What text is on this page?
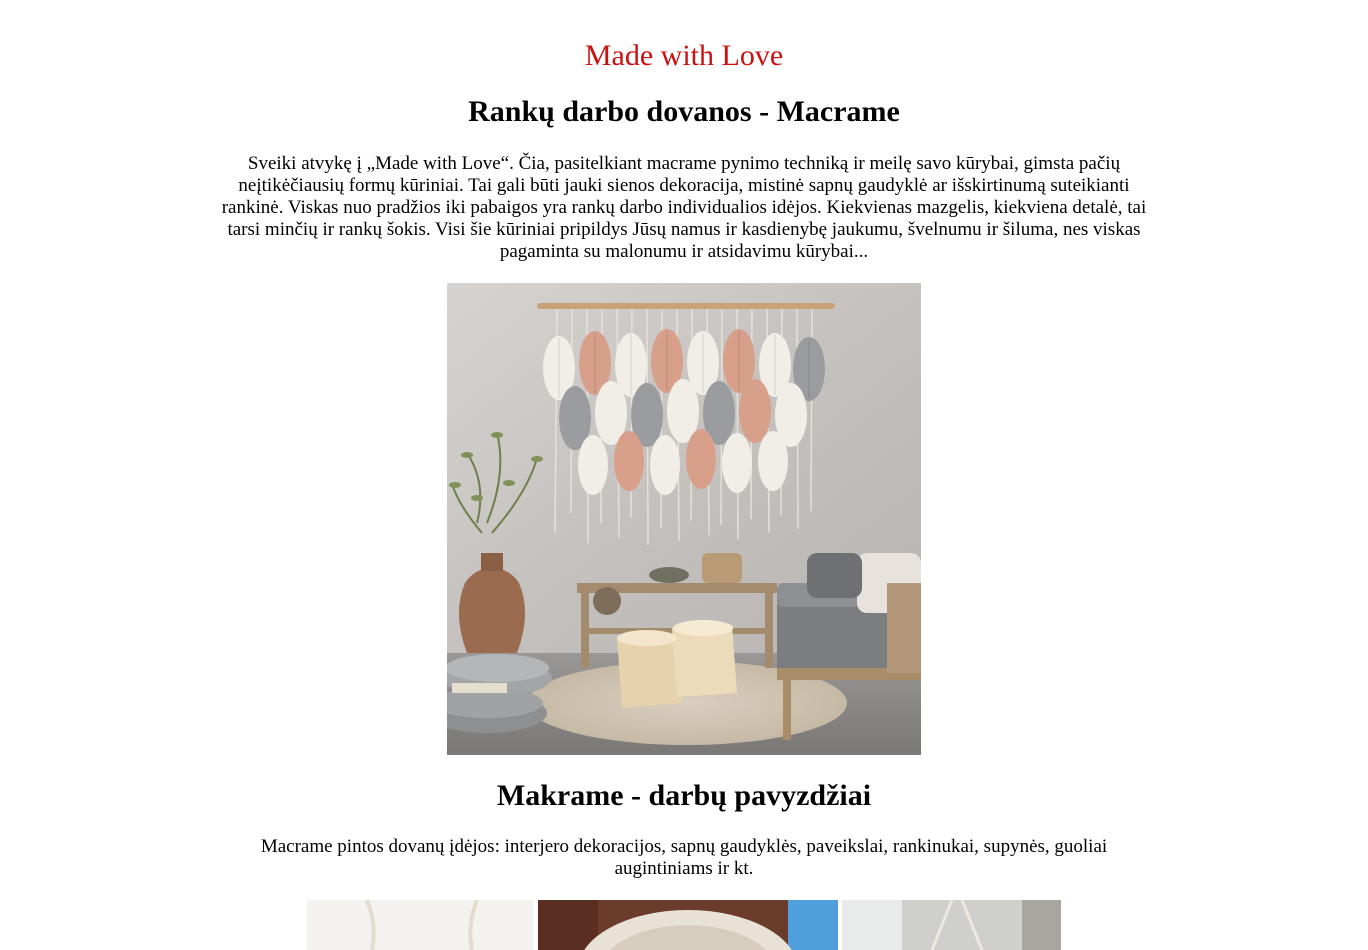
Made with Love
Rankų darbo dovanos - Macrame

Sveiki atvykę į „Made with Love“. Čia, pasitelkiant macrame pynimo techniką ir meilę savo kūrybai, gimsta pačių neįtikėčiausių formų kūriniai. Tai gali būti jauki sienos dekoracija, mistinė sapnų gaudyklė ar išskirtinumą suteikianti rankinė. Viskas nuo pradžios iki pabaigos yra rankų darbo individualios idėjos. Kiekvienas mazgelis, kiekviena detalė, tai tarsi minčių ir rankų šokis. Visi šie kūriniai pripildys Jūsų namus ir kasdienybę jaukumu, švelnumu ir šiluma, nes viskas pagaminta su malonumu ir atsidavimu kūrybai...

Makrame - darbų pavyzdžiai

Macrame pintos dovanų įdėjos: interjero dekoracijos, sapnų gaudyklės, paveikslai, rankinukai, supynės, guoliai augintiniams ir kt.
